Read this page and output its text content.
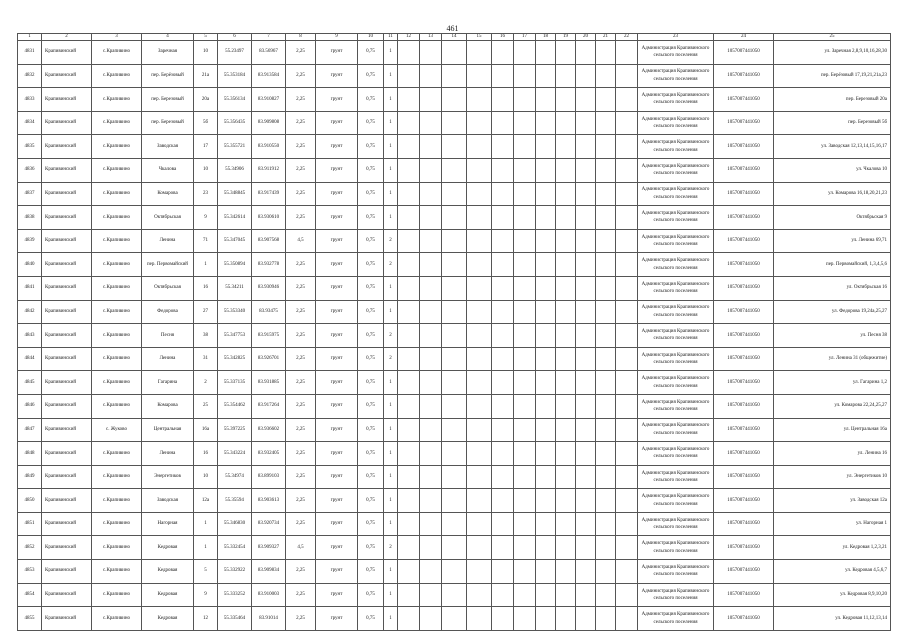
461
1	2	3	4	5	6	7	8	9	10	11	12	13	14	15	16	17	18	19	20	21	22	23	24	25
4831	Крапивинский	с.Крапивино	Заречная	10	55.23497	83.56967	2,25	грунт	0,75	1												Администрация Крапивинского сельского поселения	1057007441050	ул. Заречная 2,8,9,10,16,28,30
4832	Крапивинский	с.Крапивино	пер. Берёзовый	21а	55.353184	83.913584	2,25	грунт	0,75	1												Администрация Крапивинского сельского поселения	1057007441050	пер. Берёзовый 17,19,21,21а,23
4833	Крапивинский	с.Крапивино	пер. Березовый	20а	55.356134	83.910827	2,25	грунт	0,75	1												Администрация Крапивинского сельского поселения	1057007441050	пер. Березовый 20а
4834	Крапивинский	с.Крапивино	пер. Березовый	5б	55.356435	83.909808	2,25	грунт	0,75	1												Администрация Крапивинского сельского поселения	1057007441050	пер. Березовый 5б
4835	Крапивинский	с.Крапивино	Заводская	17	55.355721	83.910550	2,25	грунт	0,75	1												Администрация Крапивинского сельского поселения	1057007441050	ул. Заводская 12,13,14,15,16,17
4836	Крапивинский	с.Крапивино	Чкалова	10	55.34906	83.911912	2,25	грунт	0,75	1												Администрация Крапивинского сельского поселения	1057007441050	ул. Чкалова 10
4837	Крапивинский	с.Крапивино	Комарова	23	55.348845	83.917439	2,25	грунт	0,75	1												Администрация Крапивинского сельского поселения	1057007441050	ул. Комарова 16,18,20,21,23
4838	Крапивинский	с.Крапивино	Октябрьская	9	55.342614	83.930610	2,25	грунт	0,75	1												Администрация Крапивинского сельского поселения	1057007441050	Октябрьская 9
4839	Крапивинский	с.Крапивино	Ленина	71	55.347045	83.907568	4,5	грунт	0,75	2												Администрация Крапивинского сельского поселения	1057007441050	ул. Ленина 69,71
4840	Крапивинский	с.Крапивино	пер. Первомайский	1	55.350894	83.932778	2,25	грунт	0,75	2												Администрация Крапивинского сельского поселения	1057007441050	пер. Первомайский, 1,3,4,5,6
4841	Крапивинский	с.Крапивино	Октябрьская	16	55.34211	83.930946	2,25	грунт	0,75	1												Администрация Крапивинского сельского поселения	1057007441050	ул. Октябрьская 16
4842	Крапивинский	с.Крапивино	Федорова	27	55.353340	83.93475	2,25	грунт	0,75	1												Администрация Крапивинского сельского поселения	1057007441050	ул. Федорова 19,24а,25,27
4843	Крапивинский	с.Крапивино	Песня	38	55.347753	83.915975	2,25	грунт	0,75	2												Администрация Крапивинского сельского поселения	1057007441050	ул. Песня 38
4844	Крапивинский	с.Крапивино	Ленина	31	55.342825	83.926701	2,25	грунт	0,75	2												Администрация Крапивинского сельского поселения	1057007441050	ул. Ленина 31 (общежитие)
4845	Крапивинский	с.Крапивино	Гагарина	2	55.337135	83.931885	2,25	грунт	0,75	1												Администрация Крапивинского сельского поселения	1057007441050	ул. Гагарина 1,2
4846	Крапивинский	с.Крапивино	Комарова	25	55.354462	83.917264	2,25	грунт	0,75	1												Администрация Крапивинского сельского поселения	1057007441050	ул. Комарова 22,24,25,27
4847	Крапивинский	с. Жуково	Центральная	16а	55.397225	83.936602	2,25	грунт	0,75	1												Администрация Крапивинского сельского поселения	1057007441050	ул. Центральная 16а
4848	Крапивинский	с.Крапивино	Ленина	16	55.343224	83.932405	2,25	грунт	0,75	1												Администрация Крапивинского сельского поселения	1057007441050	ул. Ленина 16
4849	Крапивинский	с.Крапивино	Энергетиков	10	55.34974	83.899103	2,25	грунт	0,75	1												Администрация Крапивинского сельского поселения	1057007441050	ул. Энергетиков 10
4850	Крапивинский	с.Крапивино	Заводская	12а	55.35594	83.903613	2,25	грунт	0,75	1												Администрация Крапивинского сельского поселения	1057007441050	ул. Заводская 12а
4851	Крапивинский	с.Крапивино	Нагорная	1	55.346830	83.920734	2,25	грунт	0,75	1												Администрация Крапивинского сельского поселения	1057007441050	ул. Нагорная 1
4852	Крапивинский	с.Крапивино	Кедровая	1	55.332454	83.909327	4,5	грунт	0,75	2												Администрация Крапивинского сельского поселения	1057007441050	ул. Кедровая 1,2,3,21
4853	Крапивинский	с.Крапивино	Кедровая	5	55.332922	83.909834	2,25	грунт	0,75	1												Администрация Крапивинского сельского поселения	1057007441050	ул. Кедровая 4,5,6,7
4854	Крапивинский	с.Крапивино	Кедровая	9	55.333252	83.910003	2,25	грунт	0,75	1												Администрация Крапивинского сельского поселения	1057007441050	ул. Кедровая 8,9,10,20
4855	Крапивинский	с.Крапивино	Кедровая	12	55.335464	83.91014	2,25	грунт	0,75	1												Администрация Крапивинского сельского поселения	1057007441050	ул. Кедровая 11,12,13,14
